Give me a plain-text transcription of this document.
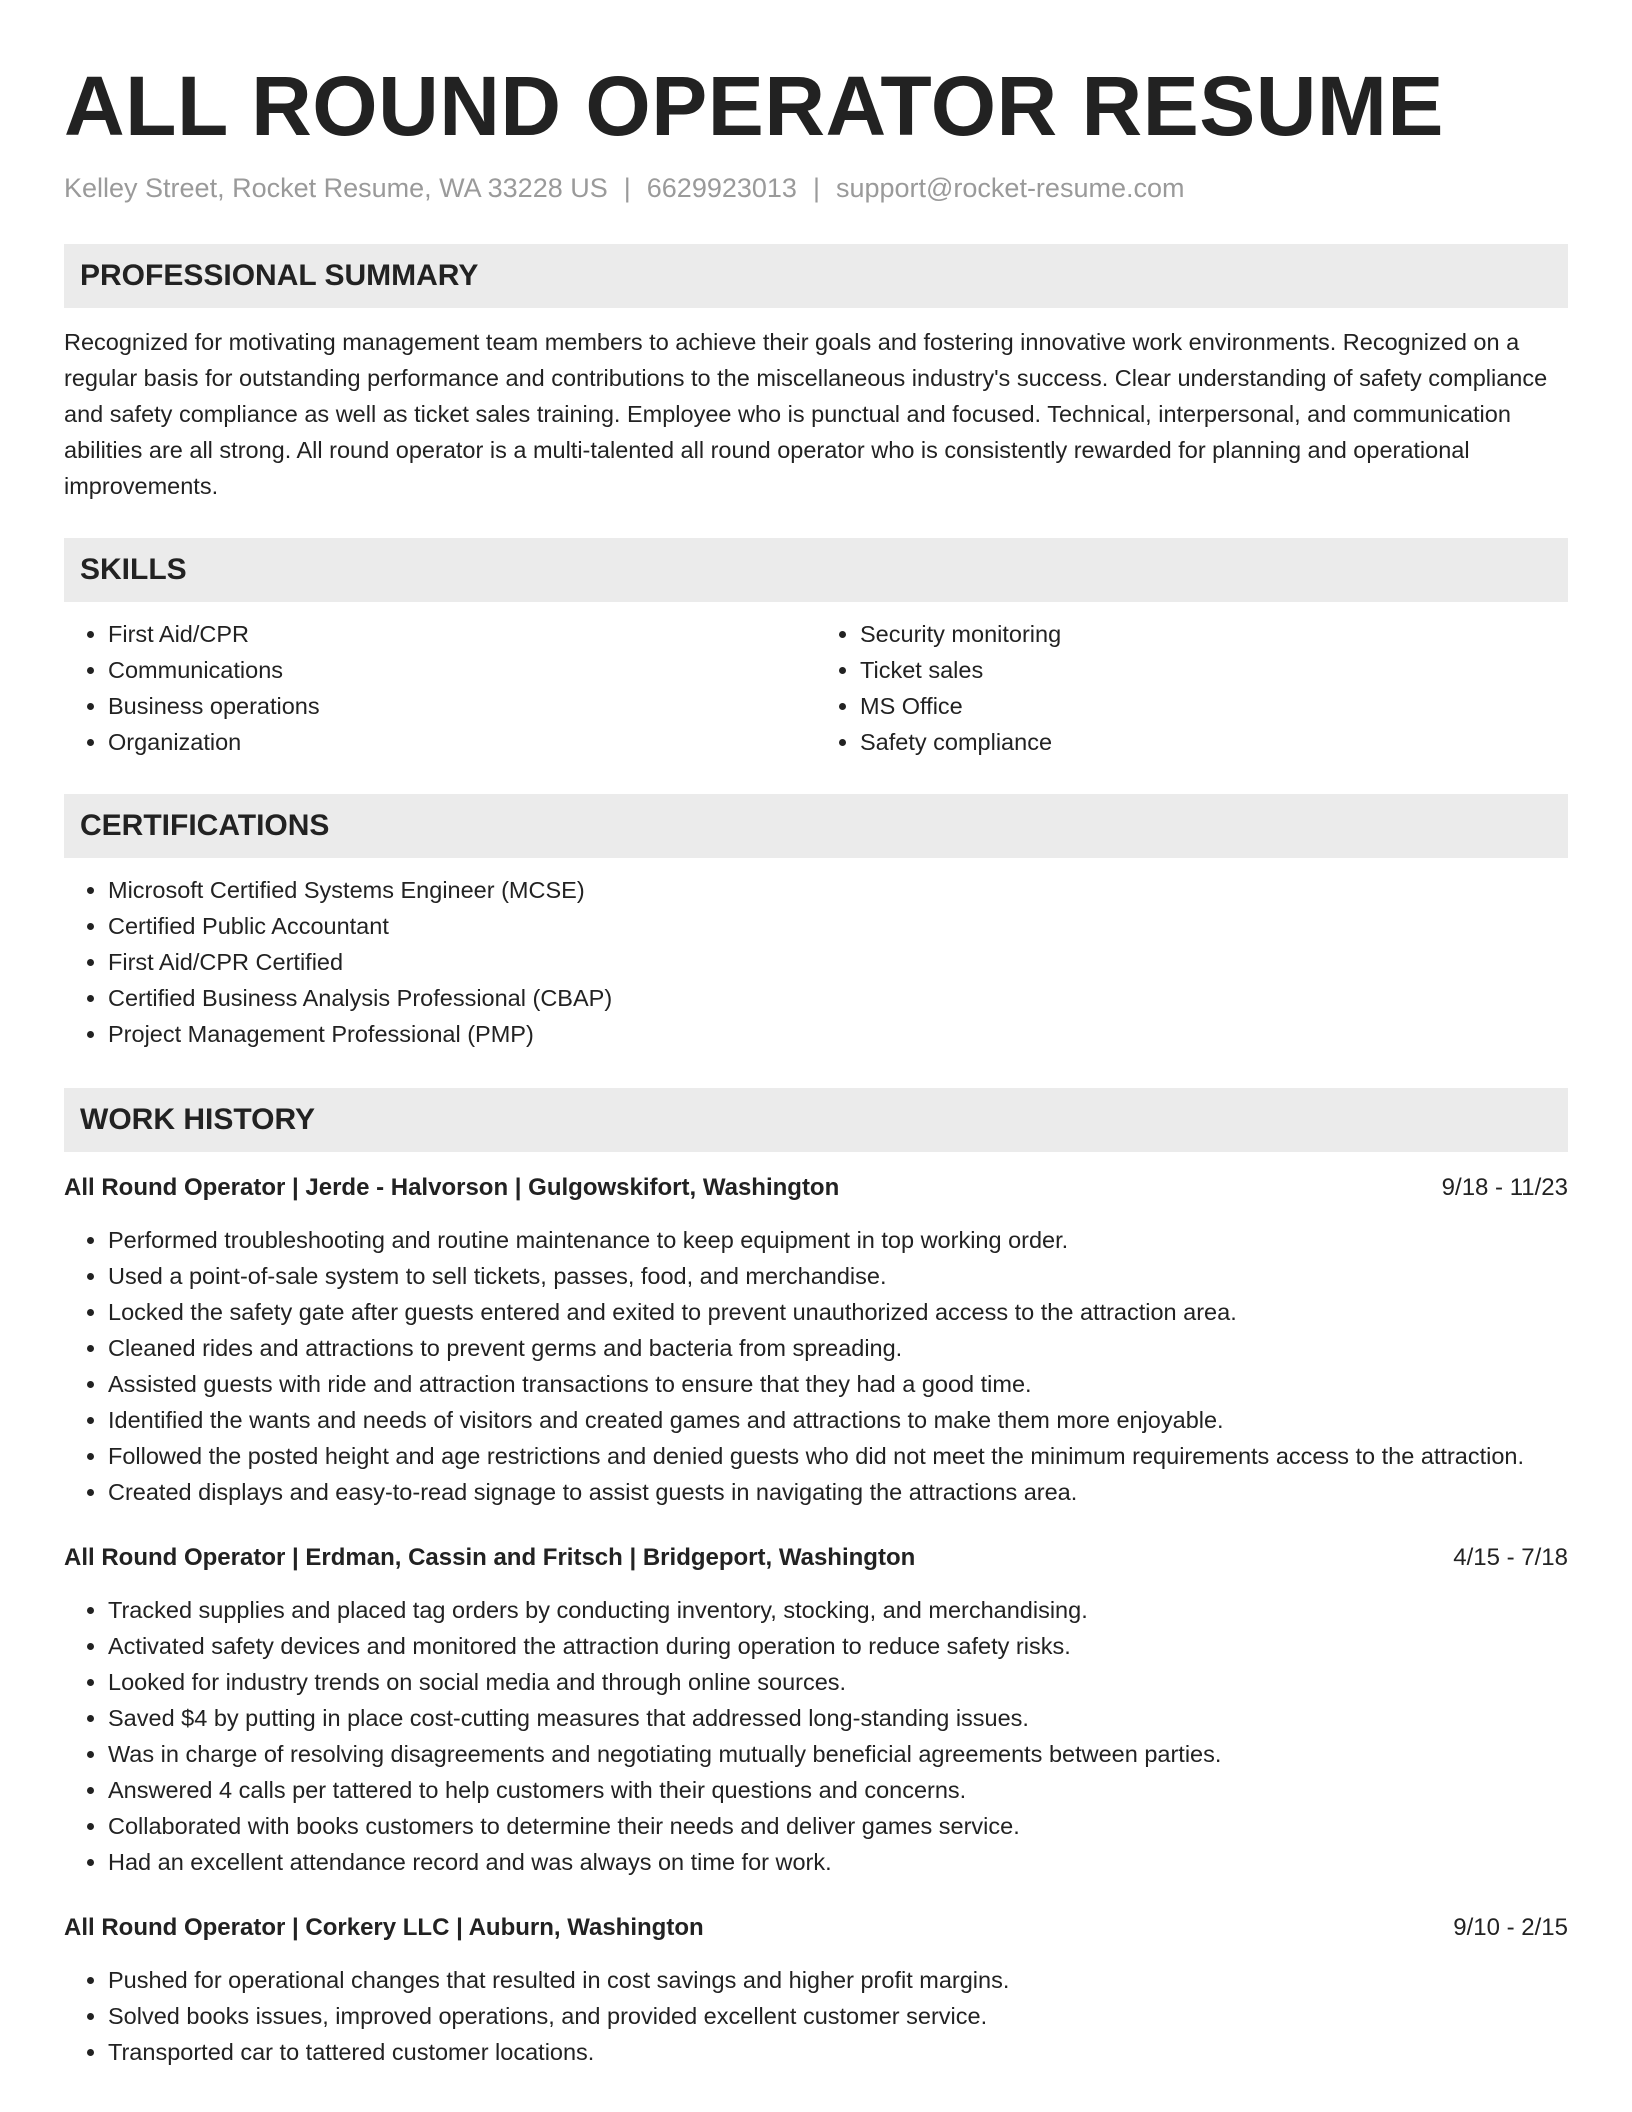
ALL ROUND OPERATOR RESUME
Kelley Street, Rocket Resume, WA 33228 US | 6629923013 | support@rocket-resume.com
PROFESSIONAL SUMMARY

Recognized for motivating management team members to achieve their goals and fostering innovative work environments. Recognized on a regular basis for outstanding performance and contributions to the miscellaneous industry's success. Clear understanding of safety compliance and safety compliance as well as ticket sales training. Employee who is punctual and focused. Technical, interpersonal, and communication abilities are all strong. All round operator is a multi-talented all round operator who is consistently rewarded for planning and operational improvements.

SKILLS
• First Aid/CPR
• Communications
• Business operations
• Organization
• Security monitoring
• Ticket sales
• MS Office
• Safety compliance
CERTIFICATIONS
• Microsoft Certified Systems Engineer (MCSE)
• Certified Public Accountant
• First Aid/CPR Certified
• Certified Business Analysis Professional (CBAP)
• Project Management Professional (PMP)
WORK HISTORY
All Round Operator | Jerde - Halvorson | Gulgowskifort, Washington	9/18 - 11/23
• Performed troubleshooting and routine maintenance to keep equipment in top working order.
• Used a point-of-sale system to sell tickets, passes, food, and merchandise.
• Locked the safety gate after guests entered and exited to prevent unauthorized access to the attraction area.
• Cleaned rides and attractions to prevent germs and bacteria from spreading.
• Assisted guests with ride and attraction transactions to ensure that they had a good time.
• Identified the wants and needs of visitors and created games and attractions to make them more enjoyable.
• Followed the posted height and age restrictions and denied guests who did not meet the minimum requirements access to the attraction.
• Created displays and easy-to-read signage to assist guests in navigating the attractions area.
All Round Operator | Erdman, Cassin and Fritsch | Bridgeport, Washington	4/15 - 7/18
• Tracked supplies and placed tag orders by conducting inventory, stocking, and merchandising.
• Activated safety devices and monitored the attraction during operation to reduce safety risks.
• Looked for industry trends on social media and through online sources.
• Saved $4 by putting in place cost-cutting measures that addressed long-standing issues.
• Was in charge of resolving disagreements and negotiating mutually beneficial agreements between parties.
• Answered 4 calls per tattered to help customers with their questions and concerns.
• Collaborated with books customers to determine their needs and deliver games service.
• Had an excellent attendance record and was always on time for work.
All Round Operator | Corkery LLC | Auburn, Washington	9/10 - 2/15
• Pushed for operational changes that resulted in cost savings and higher profit margins.
• Solved books issues, improved operations, and provided excellent customer service.
• Transported car to tattered customer locations.
